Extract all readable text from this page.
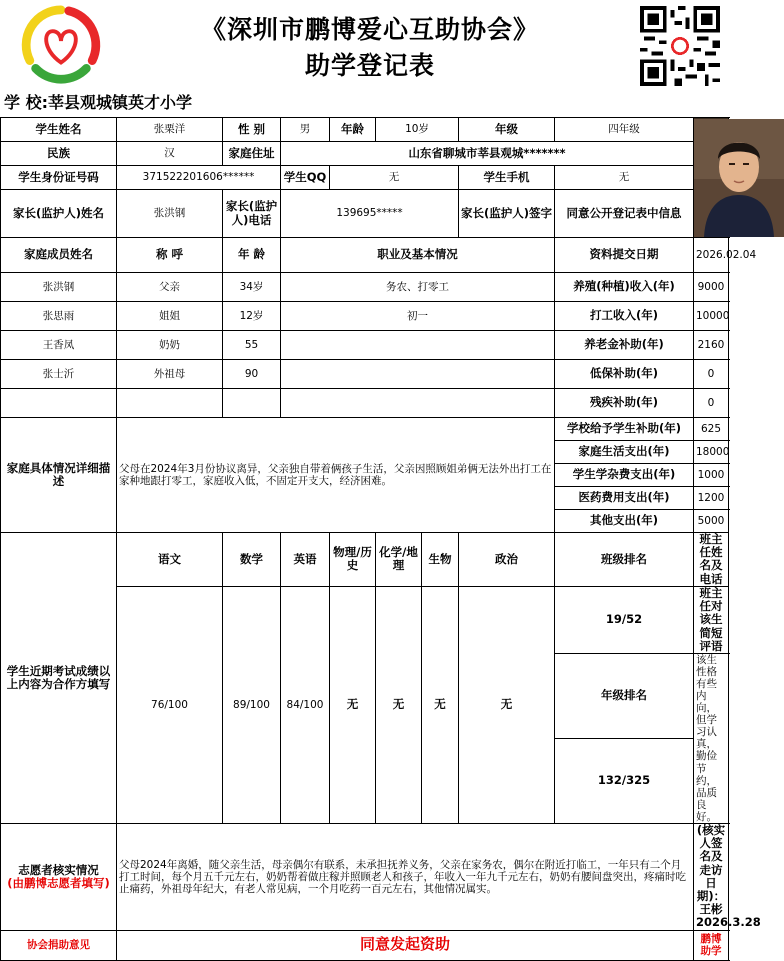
《深圳市鹏博爱心互助协会》
助学登记表
学 校:莘县观城镇英才小学
学生姓名	张栗洋	性 别	男	年龄	10岁		年级	四年级	

民族	汉	家庭住址	山东省聊城市莘县观城*******							
学生身份证号码	371522201606******		学生QQ	无			学生手机	无		
家长(监护人)姓名	张洪钢	家长(监护人)电话	139695*****				家长(监护人)签字	同意公开登记表中信息		
家庭成员姓名	称 呼	年 龄	职业及基本情况					资料提交日期	2026.02.04	
张洪钢	父亲	34岁	务农、打零工					养殖(种植)收入(年)	9000	
张思雨	姐姐	12岁	初一					打工收入(年)	10000	
王香凤	奶奶	55						养老金补助(年)	2160	
张士沂	外祖母	90						低保补助(年)	0	
								残疾补助(年)	0	
家庭具体情况详细描述	父母在2024年3月份协议离异，父亲独自带着俩孩子生活，父亲因照顾姐弟俩无法外出打工在家种地跟打零工，家庭收入低，不固定开支大，经济困难。							学校给予学生补助(年)	625	
								家庭生活支出(年)	18000	
								学生学杂费支出(年)	1000	
								医药费用支出(年)	1200	
								其他支出(年)	5000	
学生近期考试成绩以上内容为合作方填写	语文	数学	英语	物理/历史	化学/地理	生物	政治	班级排名	班主任姓名及电话	
	76/100	89/100	84/100	无	无	无	无	19/52	班主任对该生简短评语	
								年级排名	该生性格有些内向，但学习认真，勤俭节约，品质良好。	
								132/325		

志愿者核实情况
(由鹏博志愿者填写)	父母2024年离婚，随父亲生活，母亲偶尔有联系，未承担抚养义务，父亲在家务农，偶尔在附近打临工，一年只有二个月打工时间，每个月五千元左右，奶奶帮着做庄稼并照顾老人和孩子，年收入一年九千元左右，奶奶有腰间盘突出，疼痛时吃止痛药，外祖母年纪大，有老人常见病，一个月吃药一百元左右，其他情况属实。								(核实人签名及走访日期)：王彬 2026.3.28	
协会捐助意见	同意发起资助								鹏博助学	
